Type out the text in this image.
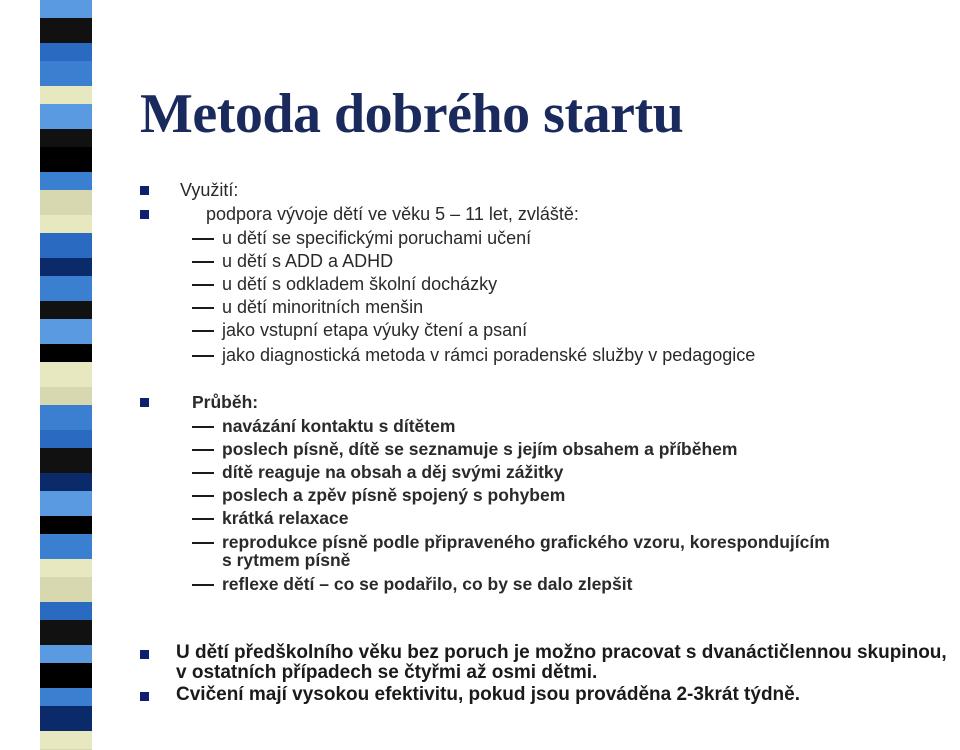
Metoda dobrého startu
Využití:
podpora vývoje dětí ve věku 5 – 11 let, zvláště:
u dětí se specifickými poruchami učení
u dětí s ADD a ADHD
u dětí s odkladem školní docházky
u dětí minoritních menšin
jako vstupní etapa výuky čtení a psaní
jako diagnostická metoda v rámci poradenské služby v pedagogice
Průběh:
navázání kontaktu s dítětem
poslech písně, dítě se seznamuje s jejím obsahem a příběhem
dítě reaguje na obsah a děj svými zážitky
poslech a zpěv písně spojený s pohybem
krátká relaxace
reprodukce písně podle připraveného grafického vzoru, korespondujícím
s rytmem písně
reflexe dětí – co se podařilo, co by se dalo zlepšit
U dětí předškolního věku bez poruch je možno pracovat s dvanáctičlennou skupinou,
v ostatních případech se čtyřmi až osmi dětmi.
Cvičení mají vysokou efektivitu, pokud jsou prováděna 2-3krát týdně.
